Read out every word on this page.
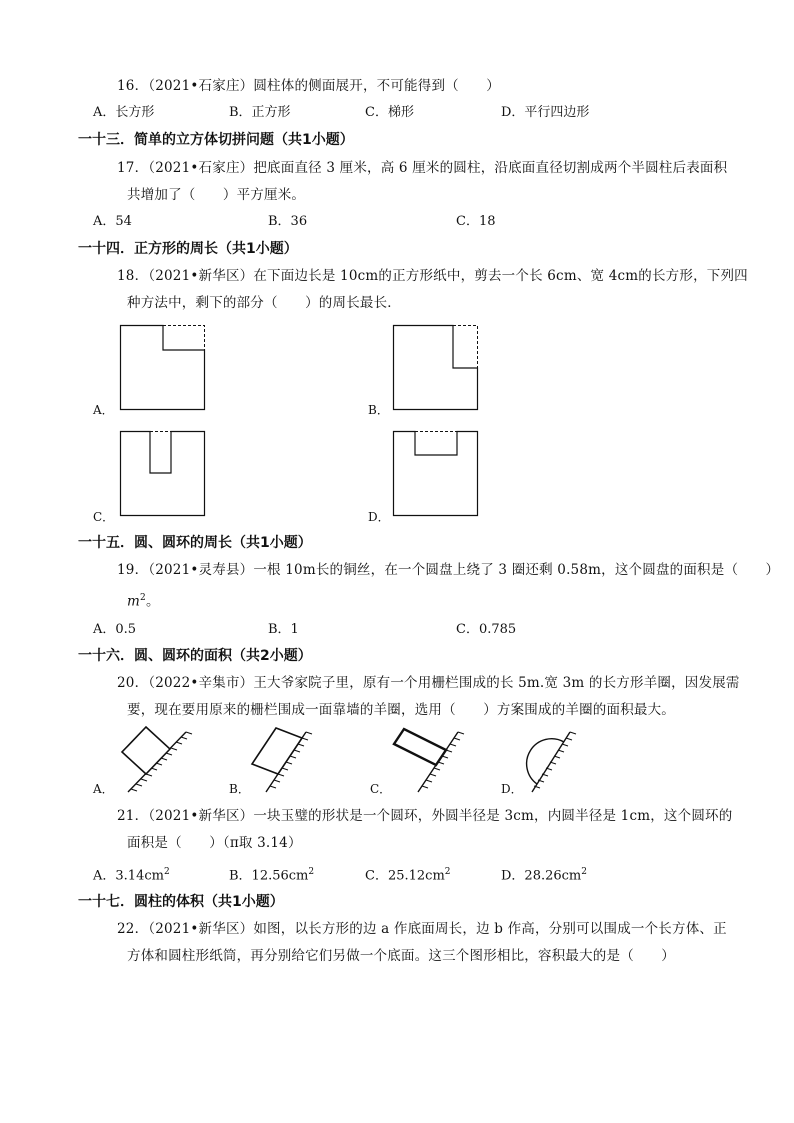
16．（2021•石家庄）圆柱体的侧面展开，不可能得到（　　）
A．长方形	B．正方形	C．梯形	D．平行四边形
一十三．简单的立方体切拼问题（共1小题）
17．（2021•石家庄）把底面直径 3 厘米，高 6 厘米的圆柱，沿底面直径切割成两个半圆柱后表面积
共增加了（　　）平方厘米。
A．54	B．36	C．18
一十四．正方形的周长（共1小题）
18．（2021•新华区）在下面边长是 10cm的正方形纸中，剪去一个长 6cm、宽 4cm的长方形，下列四
种方法中，剩下的部分（　　）的周长最长．
A．	B．
C．	D．
一十五．圆、圆环的周长（共1小题）
19．（2021•灵寿县）一根 10m长的铜丝，在一个圆盘上绕了 3 圈还剩 0.58m，这个圆盘的面积是（　　）
$m^2$。
A．0.5	B．1	C．0.785
一十六．圆、圆环的面积（共2小题）
20．（2022•辛集市）王大爷家院子里，原有一个用栅栏围成的长 5m.宽 3m 的长方形羊圈，因发展需
要，现在要用原来的栅栏围成一面靠墙的羊圈，选用（　　）方案围成的羊圈的面积最大。
A．	B．	C．	D．
21．（2021•新华区）一块玉璧的形状是一个圆环，外圆半径是 3cm，内圆半径是 1cm，这个圆环的
面积是（　　）（π取 3.14）
A．$3.14cm^2$	B．$12.56cm^2$	C．$25.12cm^2$	D．$28.26cm^2$
一十七．圆柱的体积（共1小题）
22．（2021•新华区）如图，以长方形的边 a 作底面周长，边 b 作高，分别可以围成一个长方体、正
方体和圆柱形纸筒，再分别给它们另做一个底面。这三个图形相比，容积最大的是（　　）
